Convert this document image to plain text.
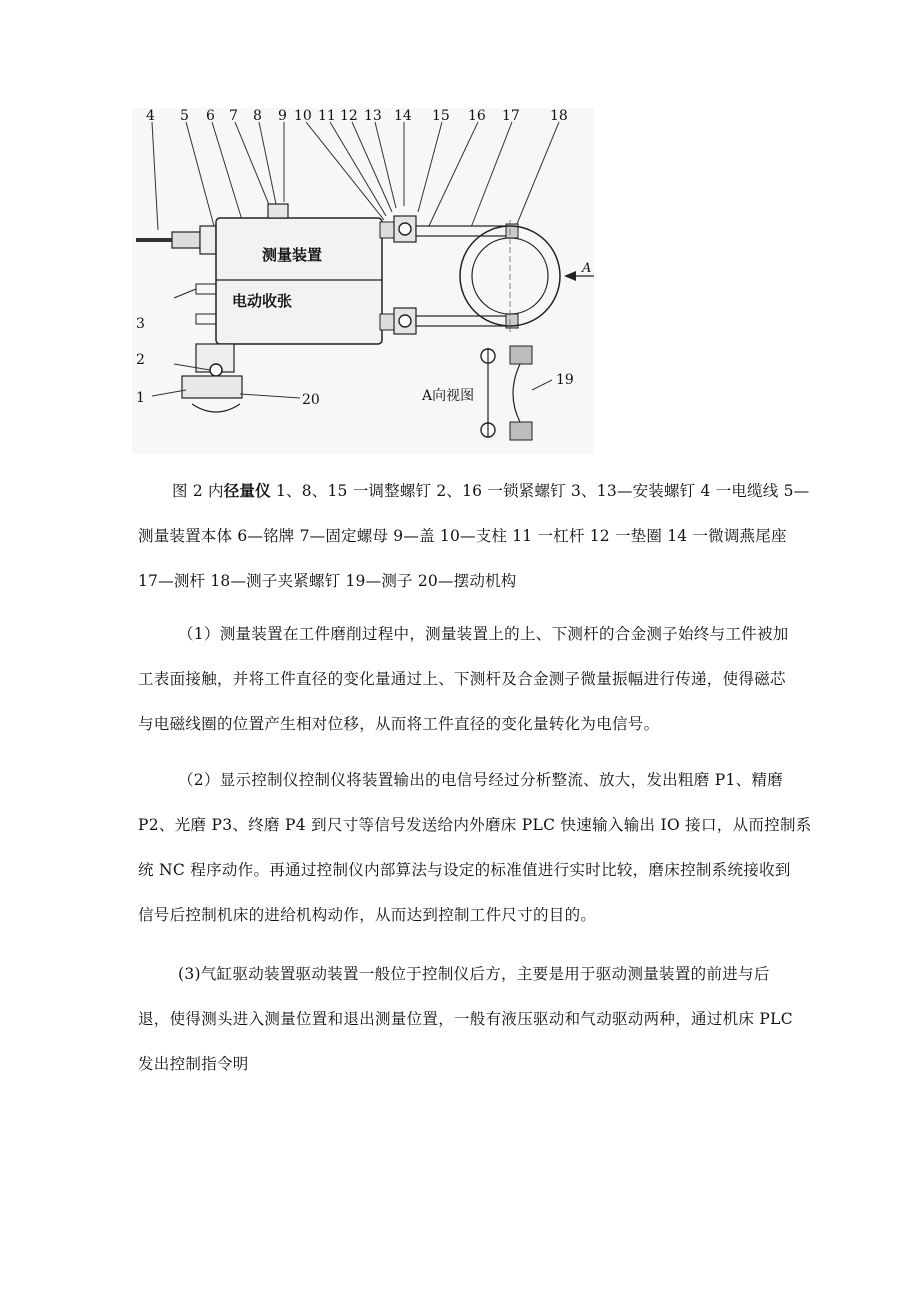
测量装置
电动收张
A
A向视图
4 5 6 7 8 9 10 11 12 13 14 15 16 17 18
3
2
1	20
19
图 2 内径量仪 1、8、15 一调整螺钉 2、16 一锁紧螺钉 3、13—安装螺钉 4 一电缆线 5—
测量装置本体 6—铭牌 7—固定螺母 9—盖 10—支柱 11 一杠杆 12 一垫圈 14 一微调燕尾座
17—测杆 18—测子夹紧螺钉 19—测子 20—摆动机构
（1）测量装置在工件磨削过程中，测量装置上的上、下测杆的合金测子始终与工件被加
工表面接触，并将工件直径的变化量通过上、下测杆及合金测子微量振幅进行传递，使得磁芯
与电磁线圈的位置产生相对位移，从而将工件直径的变化量转化为电信号。
（2）显示控制仪控制仪将装置输出的电信号经过分析整流、放大，发出粗磨 P1、精磨
P2、光磨 P3、终磨 P4 到尺寸等信号发送给内外磨床 PLC 快速输入输出 IO 接口，从而控制系
统 NC 程序动作。再通过控制仪内部算法与设定的标准值进行实时比较，磨床控制系统接收到
信号后控制机床的进给机构动作，从而达到控制工件尺寸的目的。
(3)气缸驱动装置驱动装置一般位于控制仪后方，主要是用于驱动测量装置的前进与后
退，使得测头进入测量位置和退出测量位置，一般有液压驱动和气动驱动两种，通过机床 PLC
发出控制指令明
